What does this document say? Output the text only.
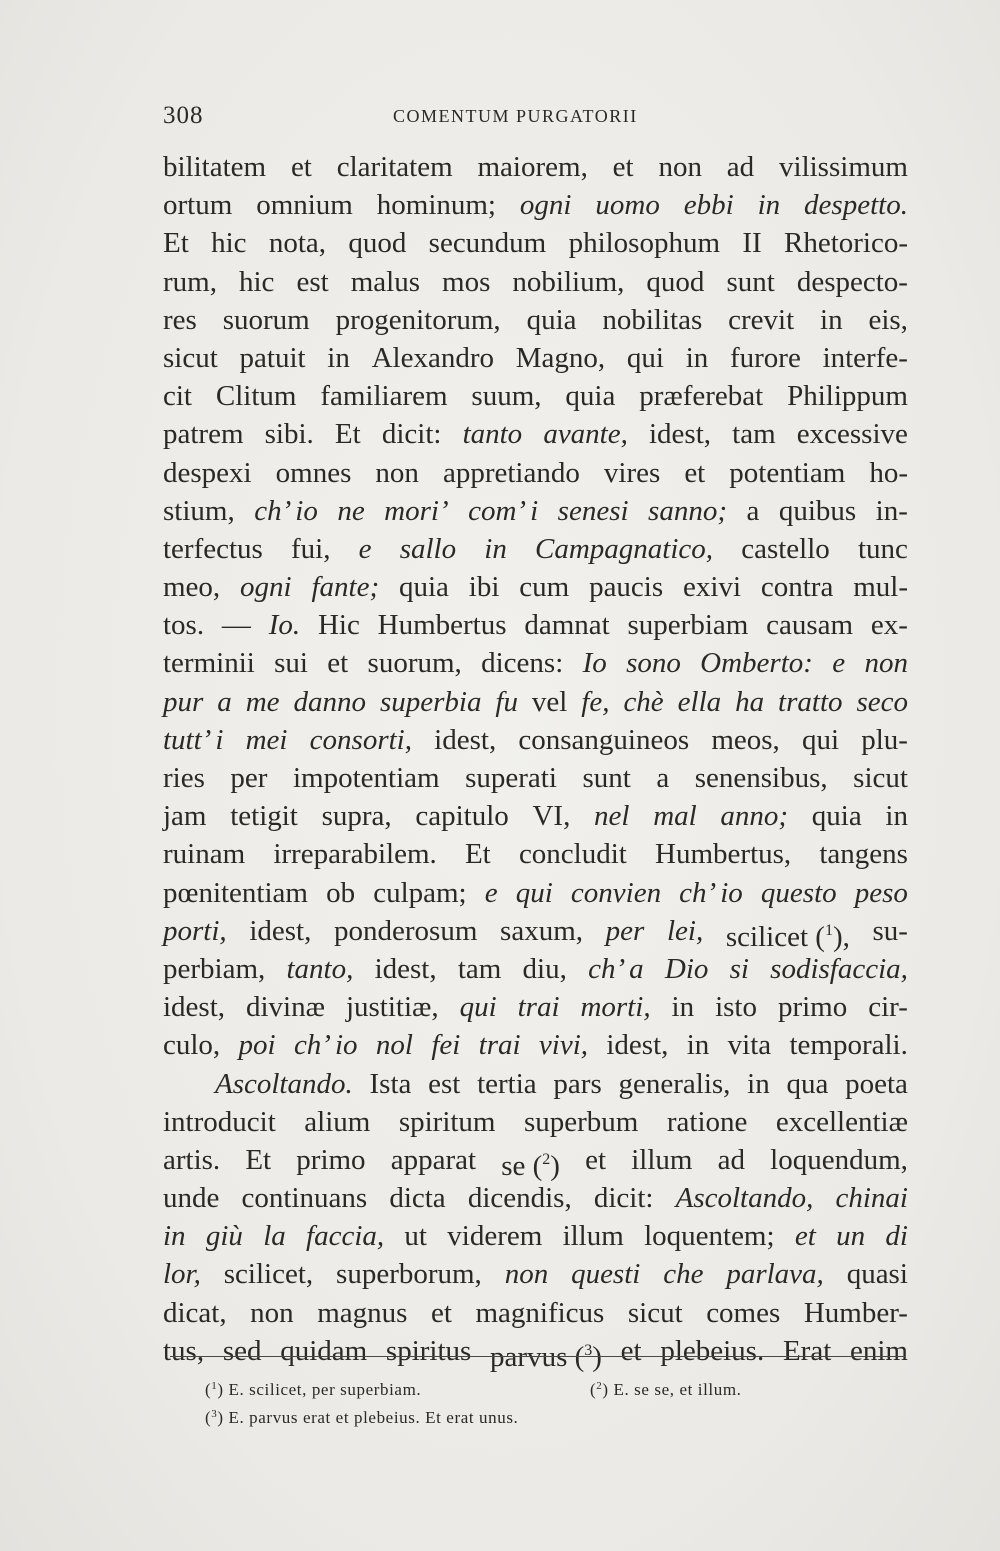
308	COMENTUM PURGATORII
bilitatem et claritatem maiorem, et non ad vilissimum
ortum omnium hominum; ogni uomo ebbi in despetto.
Et hic nota, quod secundum philosophum II Rhetorico-
rum, hic est malus mos nobilium, quod sunt despecto-
res suorum progenitorum, quia nobilitas crevit in eis,
sicut patuit in Alexandro Magno, qui in furore interfe-
cit Clitum familiarem suum, quia præferebat Philippum
patrem sibi. Et dicit: tanto avante, idest, tam excessive
despexi omnes non appretiando vires et potentiam ho-
stium, ch’ io ne mori’ com’ i senesi sanno; a quibus in-
terfectus fui, e sallo in Campagnatico, castello tunc
meo, ogni fante; quia ibi cum paucis exivi contra mul-
tos. — Io. Hic Humbertus damnat superbiam causam ex-
terminii sui et suorum, dicens: Io sono Omberto: e non
pur a me danno superbia fu vel fe, chè ella ha tratto seco
tutt’ i mei consorti, idest, consanguineos meos, qui plu-
ries per impotentiam superati sunt a senensibus, sicut
jam tetigit supra, capitulo VI, nel mal anno; quia in
ruinam irreparabilem. Et concludit Humbertus, tangens
pœnitentiam ob culpam; e qui convien ch’ io questo peso
porti, idest, ponderosum saxum, per lei, scilicet ($^1$), su-
perbiam, tanto, idest, tam diu, ch’ a Dio si sodisfaccia,
idest, divinæ justitiæ, qui trai morti, in isto primo cir-
culo, poi ch’ io nol fei trai vivi, idest, in vita temporali.
Ascoltando. Ista est tertia pars generalis, in qua poeta
introducit alium spiritum superbum ratione excellentiæ
artis. Et primo apparat se ($^2$) et illum ad loquendum,
unde continuans dicta dicendis, dicit: Ascoltando, chinai
in giù la faccia, ut viderem illum loquentem; et un di
lor, scilicet, superborum, non questi che parlava, quasi
dicat, non magnus et magnificus sicut comes Humber-
tus, sed quidam spiritus parvus ($^3$) et plebeius. Erat enim
($^1$) E. scilicet, per superbiam.	($^2$) E. se se, et illum.
($^3$) E. parvus erat et plebeius. Et erat unus.
